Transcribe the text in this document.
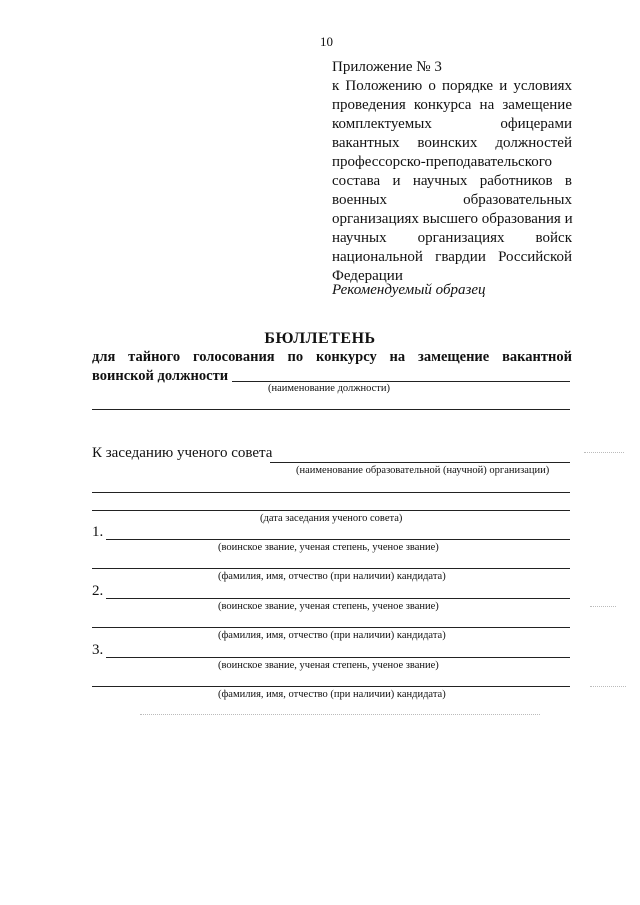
10
Приложение № 3
к Положению о порядке и условиях
проведения конкурса на замещение
комплектуемых офицерами
вакантных воинских должностей
профессорско-преподавательского
состава и научных работников в
военных образовательных
организациях высшего образования и
научных организациях войск
национальной гвардии Российской
Федерации
Рекомендуемый образец
БЮЛЛЕТЕНЬ
для тайного голосования по конкурсу на замещение вакантной
воинской должности
(наименование должности)
К заседанию ученого совета
(наименование образовательной (научной) организации)
(дата заседания ученого совета)
1.
(воинское звание, ученая степень, ученое звание)
(фамилия, имя, отчество (при наличии) кандидата)
2.
(воинское звание, ученая степень, ученое звание)
(фамилия, имя, отчество (при наличии) кандидата)
3.
(воинское звание, ученая степень, ученое звание)
(фамилия, имя, отчество (при наличии) кандидата)
